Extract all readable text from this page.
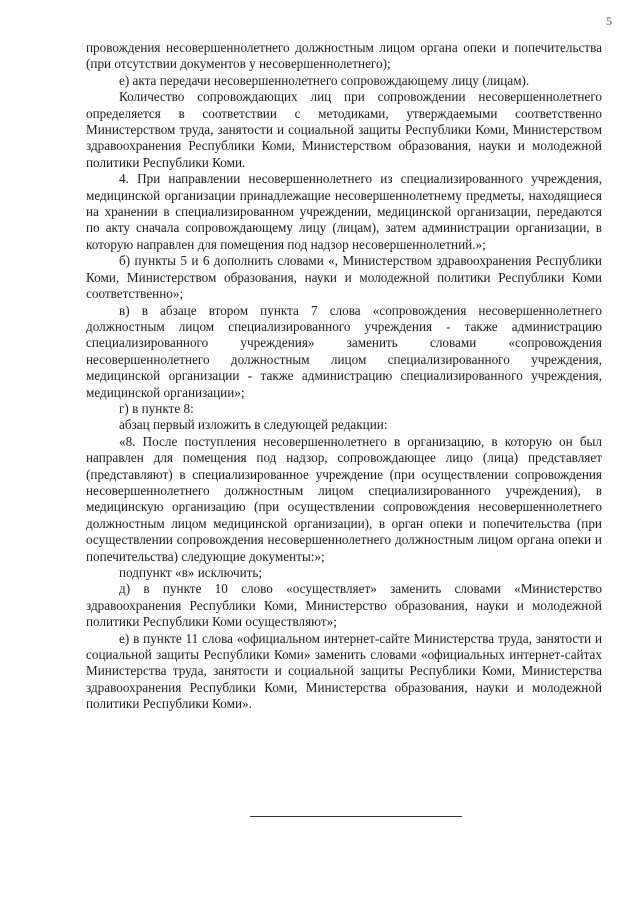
5

провождения несовершеннолетнего должностным лицом органа опеки и попечительства (при отсутствии документов у несовершеннолетнего);

е) акта передачи несовершеннолетнего сопровождающему лицу (лицам).

Количество сопровождающих лиц при сопровождении несовершеннолетнего определяется в соответствии с методиками, утверждаемыми соответственно Министерством труда, занятости и социальной защиты Республики Коми, Министерством здравоохранения Республики Коми, Министерством образования, науки и молодежной политики Республики Коми.

4. При направлении несовершеннолетнего из специализированного учреждения, медицинской организации принадлежащие несовершеннолетнему предметы, находящиеся на хранении в специализированном учреждении, медицинской организации, передаются по акту сначала сопровождающему лицу (лицам), затем администрации организации, в которую направлен для помещения под надзор несовершеннолетний.»;

б) пункты 5 и 6 дополнить словами «, Министерством здравоохранения Республики Коми, Министерством образования, науки и молодежной политики Республики Коми соответственно»;

в) в абзаце втором пункта 7 слова «сопровождения несовершеннолетнего должностным лицом специализированного учреждения - также администрацию специализированного учреждения» заменить словами «сопровождения несовершеннолетнего должностным лицом специализированного учреждения, медицинской организации - также администрацию специализированного учреждения, медицинской организации»;

г) в пункте 8:

абзац первый изложить в следующей редакции:

«8. После поступления несовершеннолетнего в организацию, в которую он был направлен для помещения под надзор, сопровождающее лицо (лица) представляет (представляют) в специализированное учреждение (при осуществлении сопровождения несовершеннолетнего должностным лицом специализированного учреждения), в медицинскую организацию (при осуществлении сопровождения несовершеннолетнего должностным лицом медицинской организации), в орган опеки и попечительства (при осуществлении сопровождения несовершеннолетнего должностным лицом органа опеки и попечительства) следующие документы:»;

подпункт «в» исключить;

д) в пункте 10 слово «осуществляет» заменить словами «Министерство здравоохранения Республики Коми, Министерство образования, науки и молодежной политики Республики Коми осуществляют»;

е) в пункте 11 слова «официальном интернет-сайте Министерства труда, занятости и социальной защиты Республики Коми» заменить словами «официальных интернет-сайтах Министерства труда, занятости и социальной защиты Республики Коми, Министерства здравоохранения Республики Коми, Министерства образования, науки и молодежной политики Республики Коми».
